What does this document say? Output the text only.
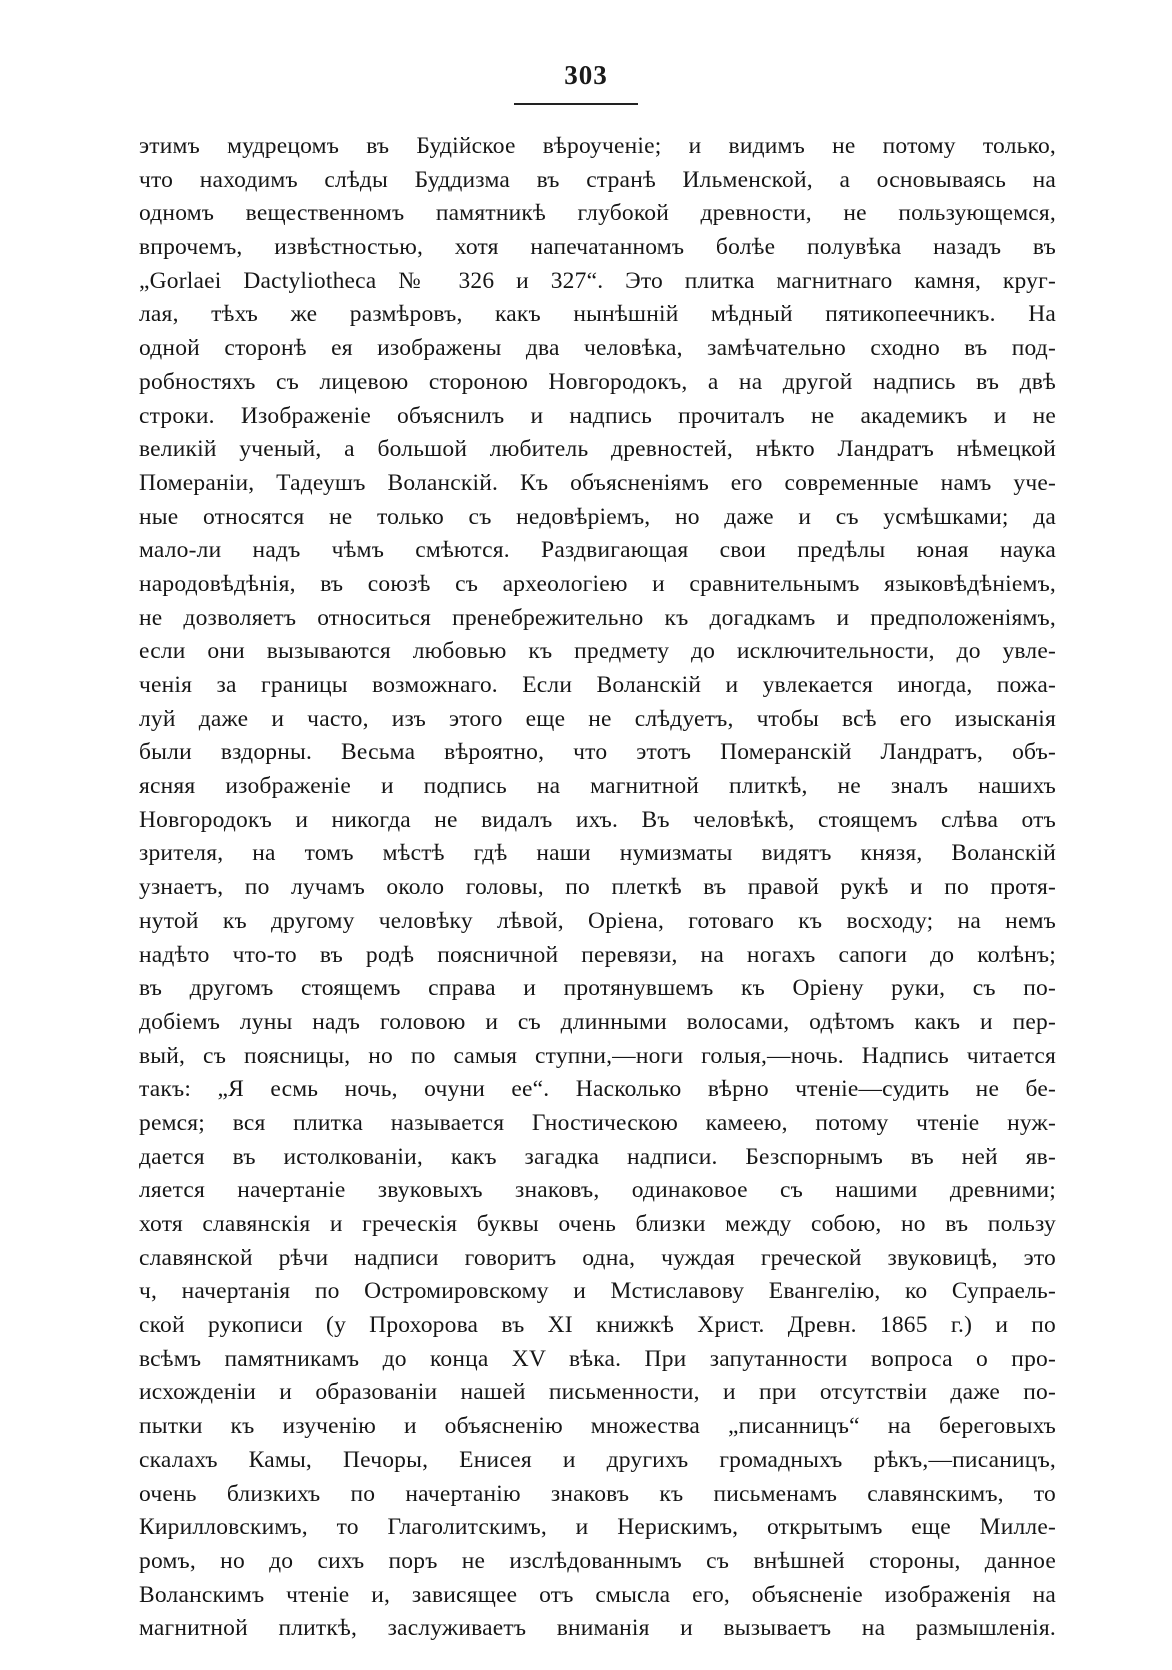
303
этимъ мудрецомъ въ Будійское вѣроученіе; и видимъ не потому только,
что находимъ слѣды Буддизма въ странѣ Ильменской, а основываясь на
одномъ вещественномъ памятникѣ глубокой древности, не пользующемся,
впрочемъ, извѣстностью, хотя напечатанномъ болѣе полувѣка назадъ въ
„Gorlaei Dactyliotheca № 326 и 327“. Это плитка магнитнаго камня, круг-
лая, тѣхъ же размѣровъ, какъ нынѣшній мѣдный пятикопеечникъ. На
одной сторонѣ ея изображены два человѣка, замѣчательно сходно въ под-
робностяхъ съ лицевою стороною Новгородокъ, а на другой надпись въ двѣ
строки. Изображеніе объяснилъ и надпись прочиталъ не академикъ и не
великій ученый, а большой любитель древностей, нѣкто Ландратъ нѣмецкой
Помераніи, Тадеушъ Воланскій. Къ объясненіямъ его современные намъ уче-
ные относятся не только съ недовѣріемъ, но даже и съ усмѣшками; да
мало-ли надъ чѣмъ смѣются. Раздвигающая свои предѣлы юная наука
народовѣдѣнія, въ союзѣ съ археологіею и сравнительнымъ языковѣдѣніемъ,
не дозволяетъ относиться пренебрежительно къ догадкамъ и предположеніямъ,
если они вызываются любовью къ предмету до исключительности, до увле-
ченія за границы возможнаго. Если Воланскій и увлекается иногда, пожа-
луй даже и часто, изъ этого еще не слѣдуетъ, чтобы всѣ его изысканія
были вздорны. Весьма вѣроятно, что этотъ Померанскій Ландратъ, объ-
ясняя изображеніе и подпись на магнитной плиткѣ, не зналъ нашихъ
Новгородокъ и никогда не видалъ ихъ. Въ человѣкѣ, стоящемъ слѣва отъ
зрителя, на томъ мѣстѣ гдѣ наши нумизматы видятъ князя, Воланскій
узнаетъ, по лучамъ около головы, по плеткѣ въ правой рукѣ и по протя-
нутой къ другому человѣку лѣвой, Оріена, готоваго къ восходу; на немъ
надѣто что-то въ родѣ поясничной перевязи, на ногахъ сапоги до колѣнъ;
въ другомъ стоящемъ справа и протянувшемъ къ Оріену руки, съ по-
добіемъ луны надъ головою и съ длинными волосами, одѣтомъ какъ и пер-
вый, съ поясницы, но по самыя ступни,—ноги голыя,—ночь. Надпись читается
такъ: „Я есмь ночь, очуни ее“. Насколько вѣрно чтеніе—судить не бе-
ремся; вся плитка называется Гностическою камеею, потому чтеніе нуж-
дается въ истолкованіи, какъ загадка надписи. Безспорнымъ въ ней яв-
ляется начертаніе звуковыхъ знаковъ, одинаковое съ нашими древними;
хотя славянскія и греческія буквы очень близки между собою, но въ пользу
славянской рѣчи надписи говоритъ одна, чуждая греческой звуковицѣ, это
ч, начертанія по Остромировскому и Мстиславову Евангелію, ко Супраель-
ской рукописи (у Прохорова въ XI книжкѣ Христ. Древн. 1865 г.) и по
всѣмъ памятникамъ до конца XV вѣка. При запутанности вопроса о про-
исхожденіи и образованіи нашей письменности, и при отсутствіи даже по-
пытки къ изученію и объясненію множества „писанницъ“ на береговыхъ
скалахъ Камы, Печоры, Енисея и другихъ громадныхъ рѣкъ,—писаницъ,
очень близкихъ по начертанію знаковъ къ письменамъ славянскимъ, то
Кирилловскимъ, то Глаголитскимъ, и Нерискимъ, открытымъ еще Милле-
ромъ, но до сихъ поръ не изслѣдованнымъ съ внѣшней стороны, данное
Воланскимъ чтеніе и, зависящее отъ смысла его, объясненіе изображенія на
магнитной плиткѣ, заслуживаетъ вниманія и вызываетъ на размышленія.
